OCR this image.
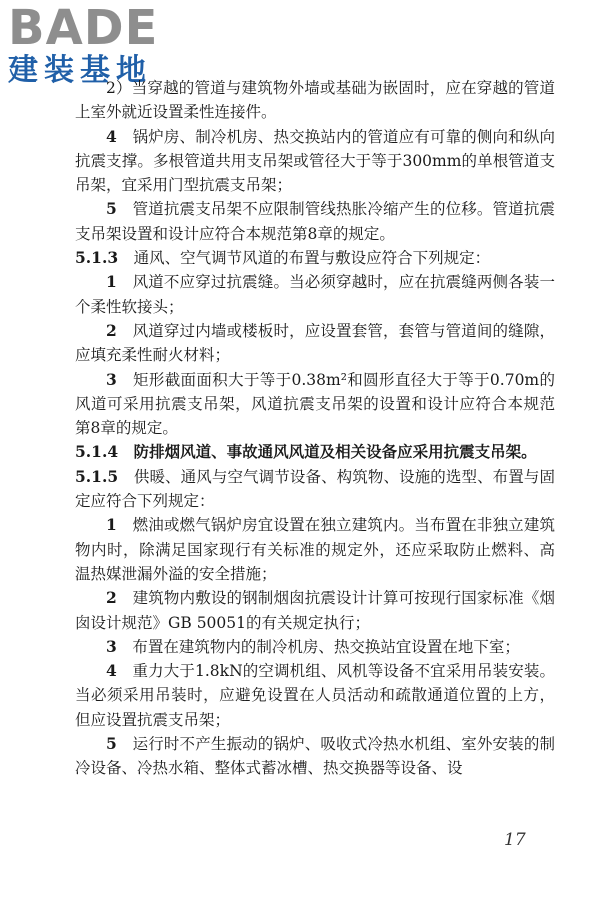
BADE
建装基地

2）当穿越的管道与建筑物外墙或基础为嵌固时，应在穿越的管道上室外就近设置柔性连接件。

4　 锅炉房、制冷机房、热交换站内的管道应有可靠的侧向和纵向抗震支撑。多根管道共用支吊架或管径大于等于300mm的单根管道支吊架，宜采用门型抗震支吊架；

5　 管道抗震支吊架不应限制管线热胀冷缩产生的位移。管道抗震支吊架设置和设计应符合本规范第8章的规定。

5.1.3　 通风、空气调节风道的布置与敷设应符合下列规定：

1　 风道不应穿过抗震缝。当必须穿越时，应在抗震缝两侧各装一个柔性软接头；

2　 风道穿过内墙或楼板时，应设置套管，套管与管道间的缝隙，应填充柔性耐火材料；

3　 矩形截面面积大于等于0.38m²和圆形直径大于等于0.70m的风道可采用抗震支吊架，风道抗震支吊架的设置和设计应符合本规范第8章的规定。

5.1.4　 防排烟风道、事故通风风道及相关设备应采用抗震支吊架。

5.1.5　 供暖、通风与空气调节设备、构筑物、设施的选型、布置与固定应符合下列规定：

1　 燃油或燃气锅炉房宜设置在独立建筑内。当布置在非独立建筑物内时，除满足国家现行有关标准的规定外，还应采取防止燃料、高温热媒泄漏外溢的安全措施；

2　 建筑物内敷设的钢制烟囱抗震设计计算可按现行国家标准《烟囱设计规范》GB 50051的有关规定执行；

3　 布置在建筑物内的制冷机房、热交换站宜设置在地下室；

4　 重力大于1.8kN的空调机组、风机等设备不宜采用吊装安装。当必须采用吊装时，应避免设置在人员活动和疏散通道位置的上方，但应设置抗震支吊架；

5　 运行时不产生振动的锅炉、吸收式冷热水机组、室外安装的制冷设备、冷热水箱、整体式蓄冰槽、热交换器等设备、设

17
